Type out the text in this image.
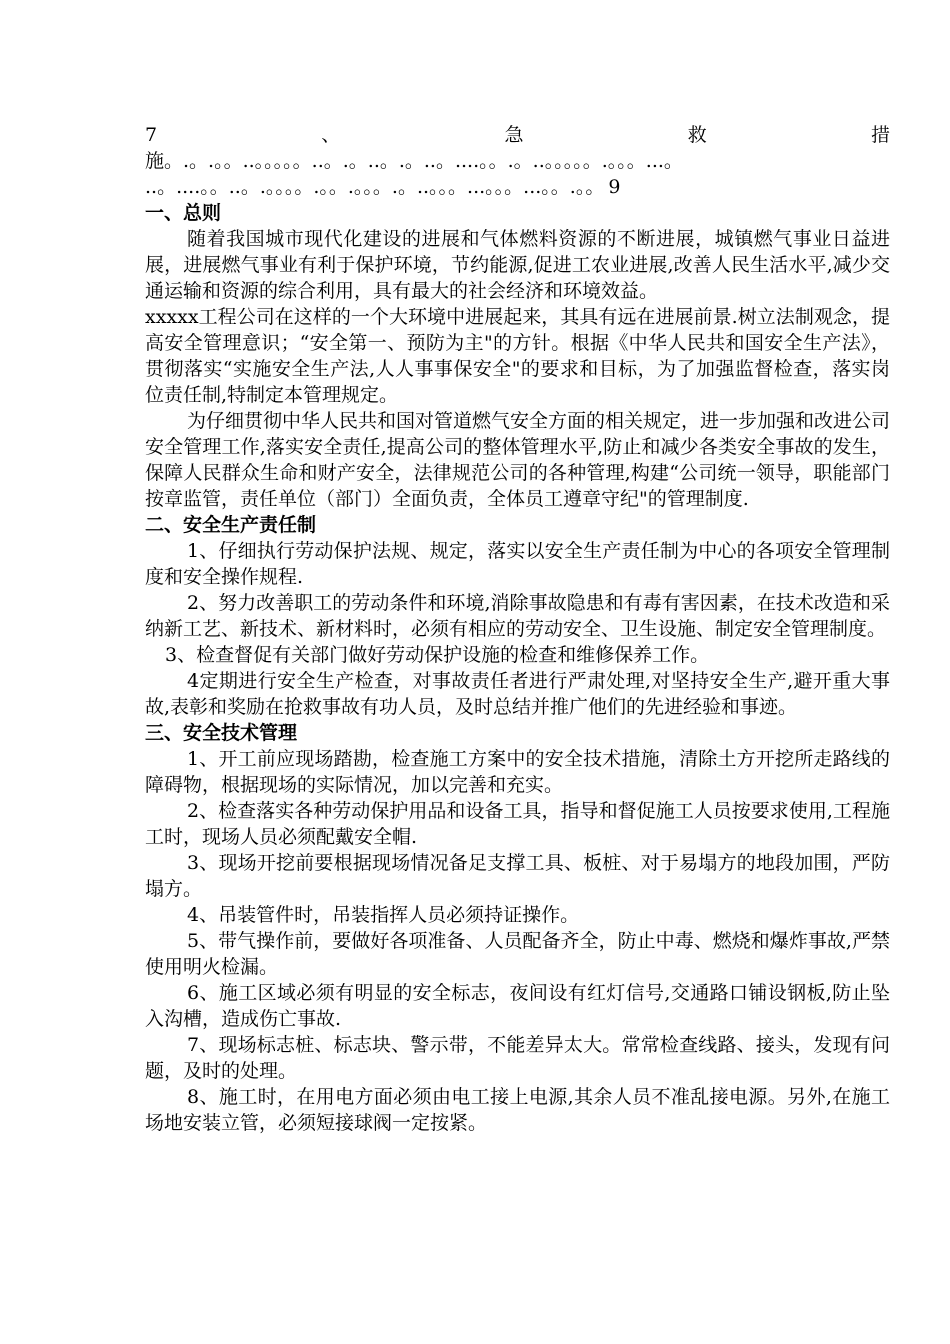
7	、	急	救	措
施。.。.。。..。。。。。..。.。..。.。..。....。。.。..。。。。。.。。。...。
..。....。。..。.。。。。.。。.。。。.。..。。。...。。。...。。.。。 9
一、总则

随着我国城市现代化建设的进展和气体燃料资源的不断进展，城镇燃气事业日益进展，进展燃气事业有利于保护环境，节约能源,促进工农业进展,改善人民生活水平,减少交通运输和资源的综合利用，具有最大的社会经济和环境效益。

xxxxx工程公司在这样的一个大环境中进展起来，其具有远在进展前景.树立法制观念，提高安全管理意识；“安全第一、预防为主"的方针。根据《中华人民共和国安全生产法》，贯彻落实“实施安全生产法,人人事事保安全"的要求和目标，为了加强监督检查，落实岗位责任制,特制定本管理规定。

为仔细贯彻中华人民共和国对管道燃气安全方面的相关规定，进一步加强和改进公司安全管理工作,落实安全责任,提高公司的整体管理水平,防止和减少各类安全事故的发生，保障人民群众生命和财产安全，法律规范公司的各种管理,构建“公司统一领导，职能部门按章监管，责任单位（部门）全面负责，全体员工遵章守纪"的管理制度.

二、安全生产责任制

1、仔细执行劳动保护法规、规定，落实以安全生产责任制为中心的各项安全管理制度和安全操作规程.

2、努力改善职工的劳动条件和环境,消除事故隐患和有毒有害因素，在技术改造和采纳新工艺、新技术、新材料时，必须有相应的劳动安全、卫生设施、制定安全管理制度。

3、检查督促有关部门做好劳动保护设施的检查和维修保养工作。

4定期进行安全生产检查，对事故责任者进行严肃处理,对坚持安全生产,避开重大事故,表彰和奖励在抢救事故有功人员，及时总结并推广他们的先进经验和事迹。

三、安全技术管理

1、开工前应现场踏勘，检查施工方案中的安全技术措施，清除土方开挖所走路线的障碍物，根据现场的实际情况，加以完善和充实。

2、检查落实各种劳动保护用品和设备工具，指导和督促施工人员按要求使用,工程施工时，现场人员必须配戴安全帽.

3、现场开挖前要根据现场情况备足支撑工具、板桩、对于易塌方的地段加围，严防塌方。

4、吊装管件时，吊装指挥人员必须持证操作。

5、带气操作前，要做好各项准备、人员配备齐全，防止中毒、燃烧和爆炸事故,严禁使用明火检漏。

6、施工区域必须有明显的安全标志，夜间设有红灯信号,交通路口铺设钢板,防止坠入沟槽，造成伤亡事故.

7、现场标志桩、标志块、警示带，不能差异太大。常常检查线路、接头，发现有问题，及时的处理。

8、施工时，在用电方面必须由电工接上电源,其余人员不准乱接电源。另外,在施工场地安装立管，必须短接球阀一定按紧。
